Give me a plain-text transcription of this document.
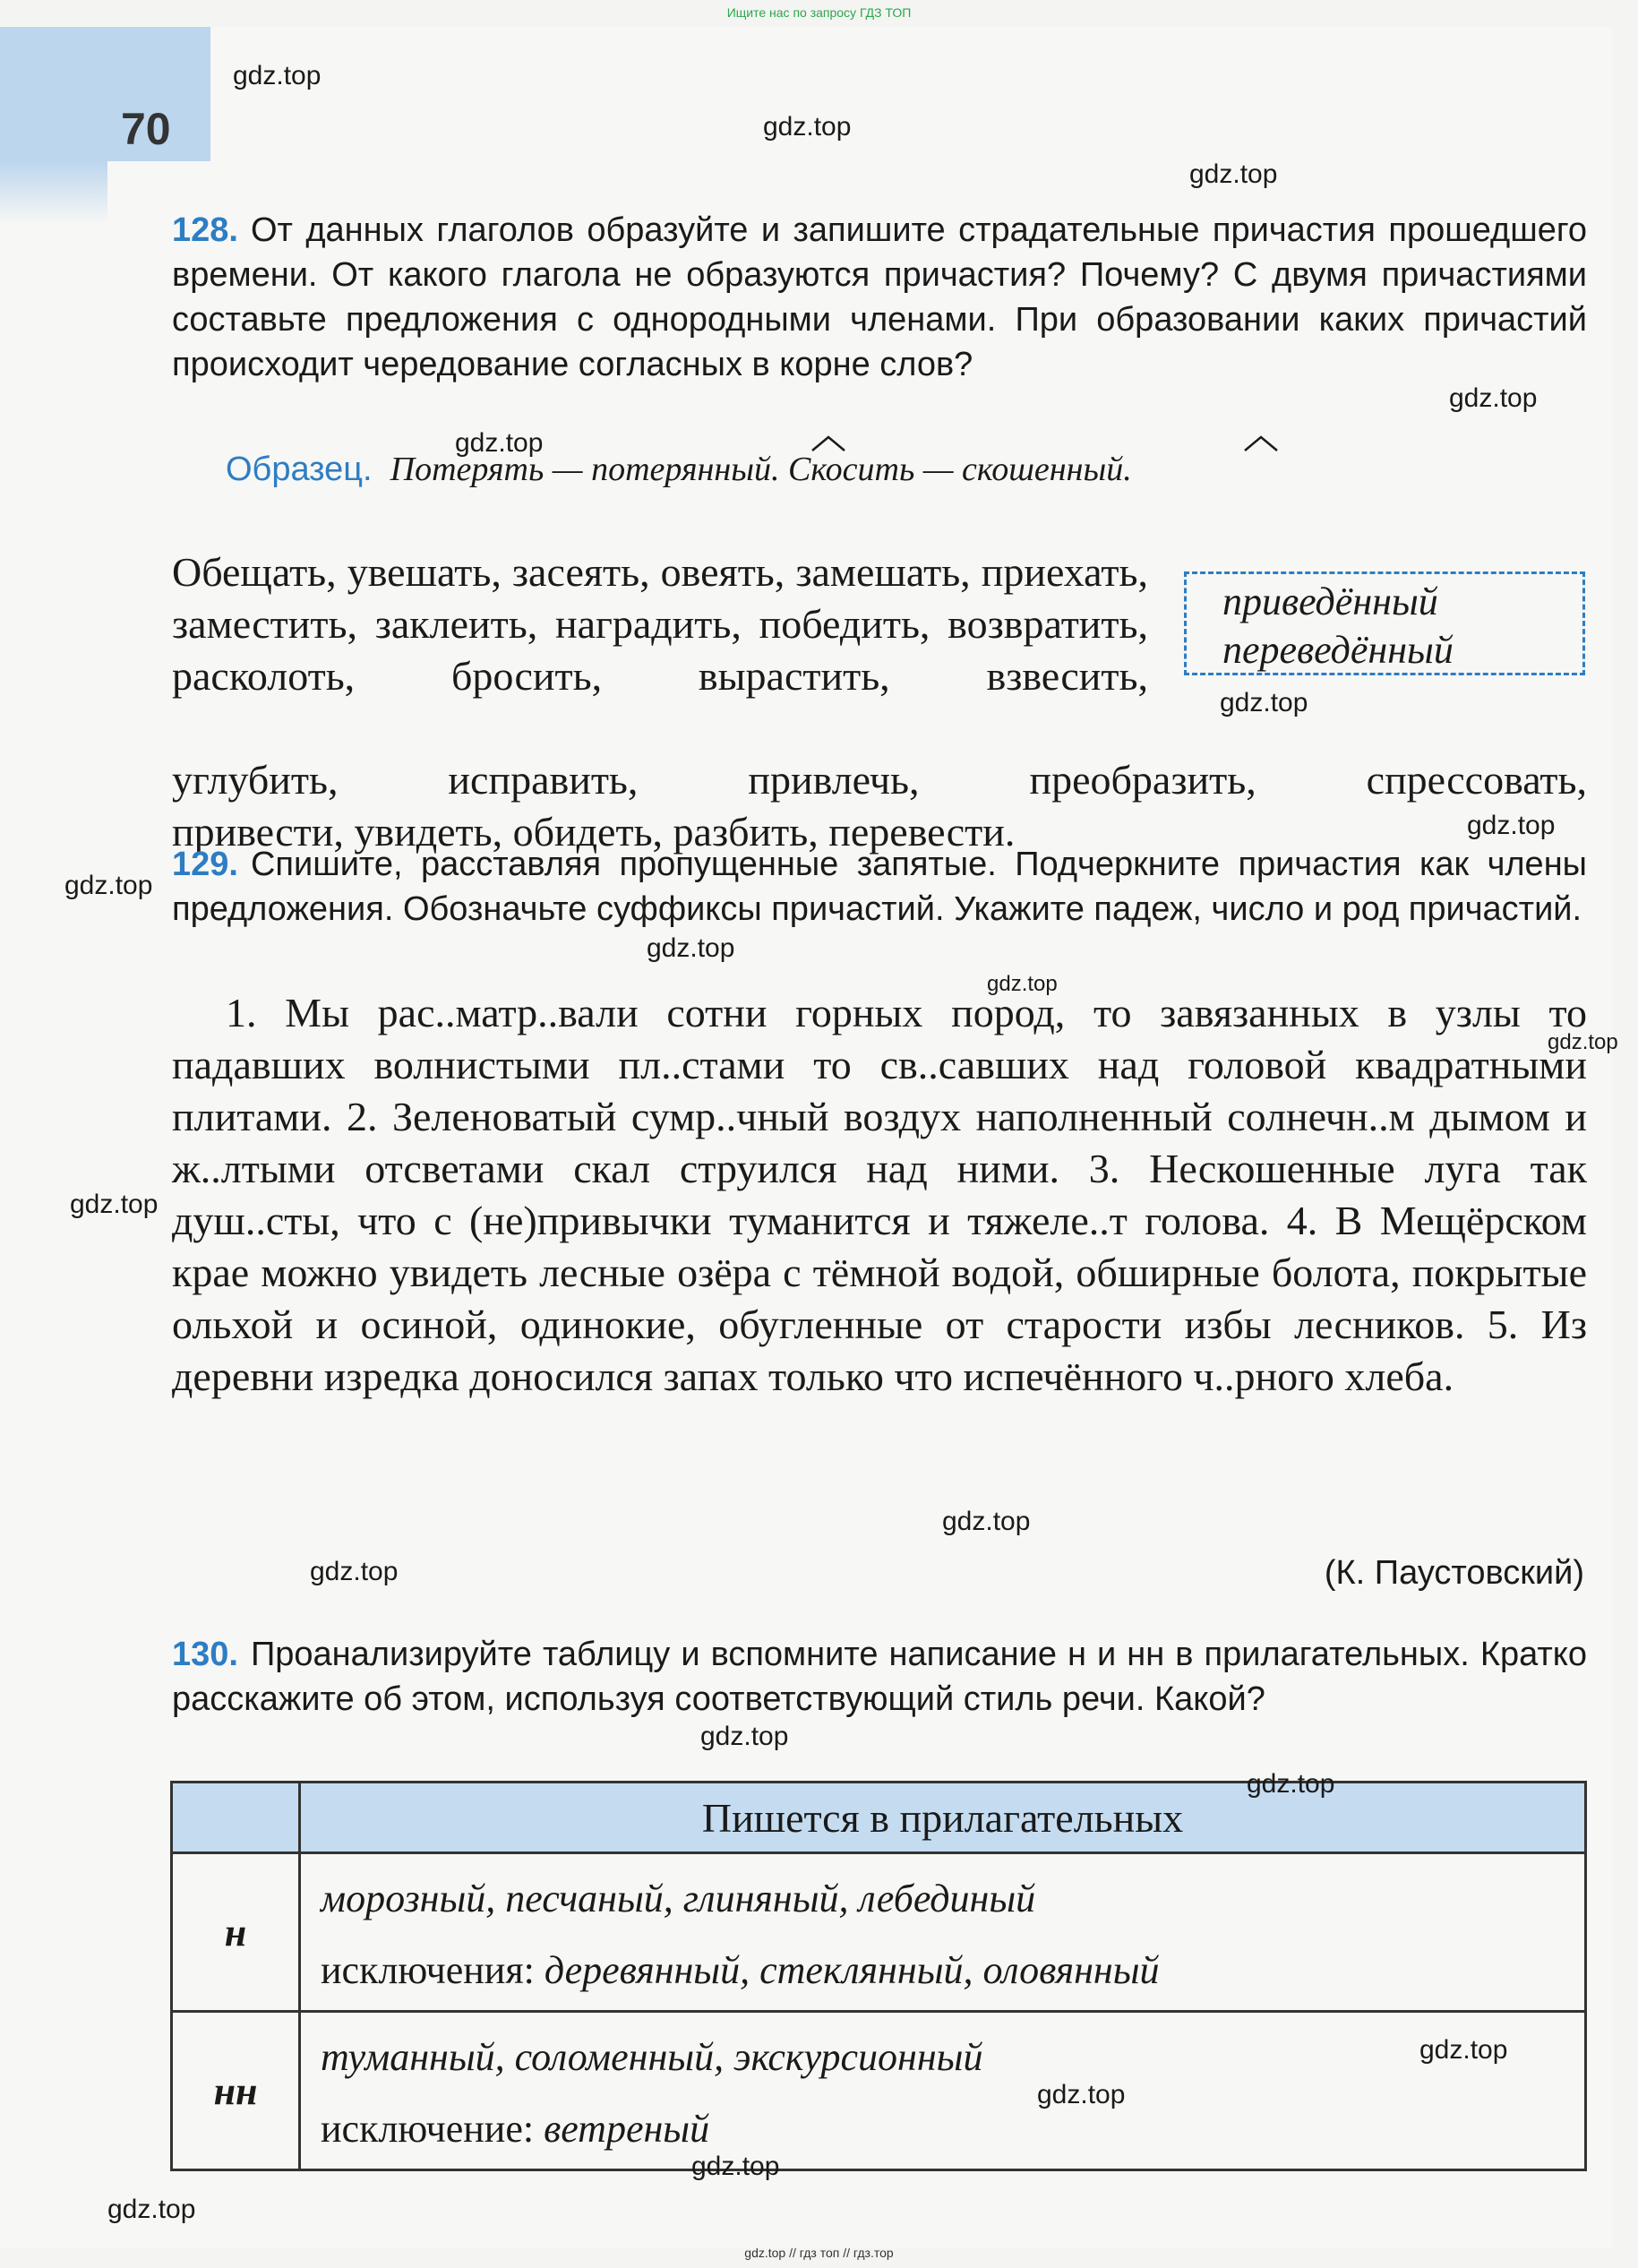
Ищите нас по запросу ГДЗ ТОП
70

128. От данных глаголов образуйте и запишите страдательные причастия прошедшего времени. От какого глагола не образуются причастия? Почему? С двумя причастиями составьте предложения с однородными членами. При образовании каких причастий происходит чередование согласных в корне слов?

Образец. Потерять — потерянный. Скосить — скошенный.

Обещать, увешать, засеять, овеять, замешать, приехать, заместить, заклеить, наградить, победить, возвратить, расколоть, бросить, вырастить, взвесить,

приведённый
переведённый

углубить, исправить, привлечь, преобразить, спрессовать,
привести, увидеть, обидеть, разбить, перевести.

129. Спишите, расставляя пропущенные запятые. Подчеркните причастия как члены предложения. Обозначьте суффиксы причастий. Укажите падеж, число и род причастий.

1. Мы рас..матр..вали сотни горных пород, то завязанных в узлы то падавших волнистыми пл..стами то св..савших над головой квадратными плитами. 2. Зеленоватый сумр..чный воздух наполненный солнечн..м дымом и ж..лтыми отсветами скал струился над ними. 3. Нескошенные луга так душ..сты, что с (не)привычки туманится и тяжеле..т голова. 4. В Мещёрском крае можно увидеть лесные озёра с тёмной водой, обширные болота, покрытые ольхой и осиной, одинокие, обугленные от старости избы лесников. 5. Из деревни изредка доносился запах только что испечённого ч..рного хлеба.

(К. Паустовский)

130. Проанализируйте таблицу и вспомните написание н и нн в прилагательных. Кратко расскажите об этом, используя соответствующий стиль речи. Какой?

	Пишется в прилагательных
н	морозный, песчаный, глиняный, лебединый
исключения: деревянный, стеклянный, оловянный

нн	туманный, соломенный, экскурсионный
исключение: ветреный
gdz.top
gdz.top
gdz.top
gdz.top
gdz.top
gdz.top
gdz.top
gdz.top
gdz.top
gdz.top
gdz.top
gdz.top
gdz.top
gdz.top
gdz.top
gdz.top
gdz.top
gdz.top
gdz.top
gdz.top
gdz.top // гдз топ // гдз.тор
